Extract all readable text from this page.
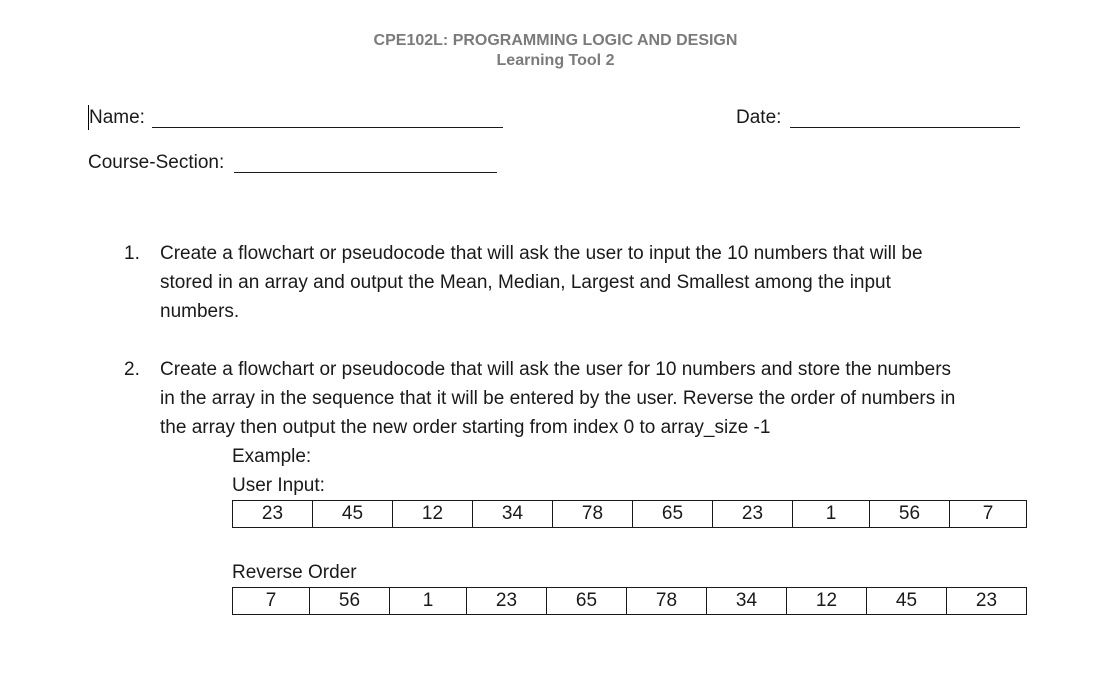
CPE102L: PROGRAMMING LOGIC AND DESIGN
Learning Tool 2
Name:	Date:
Course-Section:
1.	Create a flowchart or pseudocode that will ask the user to input the 10 numbers that will be
stored in an array and output the Mean, Median, Largest and Smallest among the input
numbers.
2.	Create a flowchart or pseudocode that will ask the user for 10 numbers and store the numbers
in the array in the sequence that it will be entered by the user. Reverse the order of numbers in
the array then output the new order starting from index 0 to array_size -1
Example:
User Input:
23	45	12	34	78	65	23	1	56	7
Reverse Order
7	56	1	23	65	78	34	12	45	23
